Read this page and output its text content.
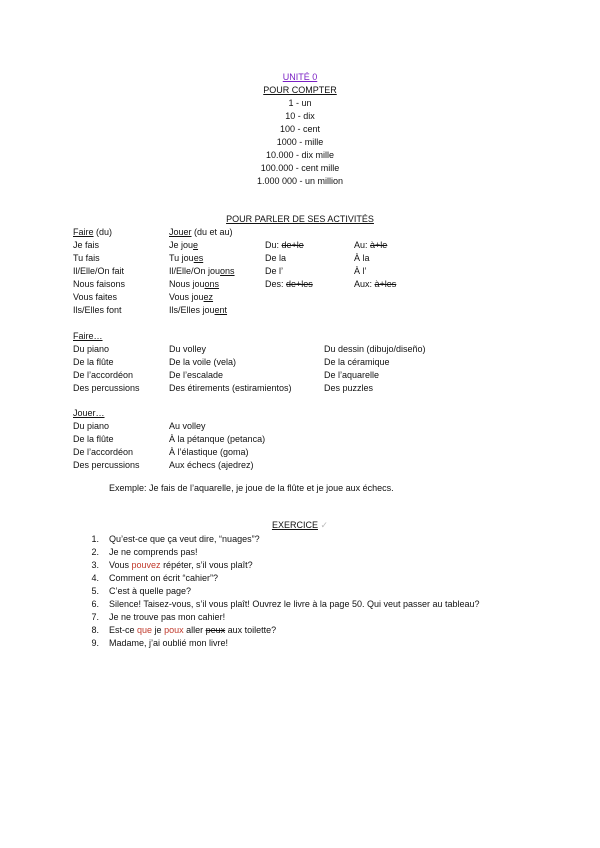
UNITÉ 0
POUR COMPTER
1 - un
10 - dix
100 - cent
1000 - mille
10.000 - dix mille
100.000 - cent mille
1.000 000 - un million
POUR PARLER DE SES ACTIVITÉS
Faire (du)
Je fais
Tu fais
Il/Elle/On fait
Nous faisons
Vous faites
Ils/Elles font
Jouer (du et au)
Je joue
Tu joues
Il/Elle/On jouons
Nous jouons
Vous jouez
Ils/Elles jouent
Du: de+le
De la
De l’
Des: de+les
Au: à+le
À la
À l’
Aux: à+les
Faire…
Du piano
De la flûte
De l’accordéon
Des percussions
Du volley
De la voile (vela)
De l’escalade
Des étirements (estiramientos)
Du dessin (dibujo/diseño)
De la céramique
De l’aquarelle
Des puzzles
Jouer…
Du piano
De la flûte
De l’accordéon
Des percussions
Au volley
À la pétanque (petanca)
À l’élastique (goma)
Aux échecs (ajedrez)
Exemple: Je fais de l’aquarelle, je joue de la flûte et je joue aux échecs.
EXERCICE ✓
1. Qu’est-ce que ça veut dire, “nuages”?
2. Je ne comprends pas!
3. Vous pouvez répéter, s’il vous plaît?
4. Comment on écrit “cahier”?
5. C’est à quelle page?
6. Silence! Taisez-vous, s’il vous plaît! Ouvrez le livre à la page 50. Qui veut passer au tableau?
7. Je ne trouve pas mon cahier!
8. Est-ce que je poux aller peux aux toilette?
9. Madame, j’ai oublié mon livre!
